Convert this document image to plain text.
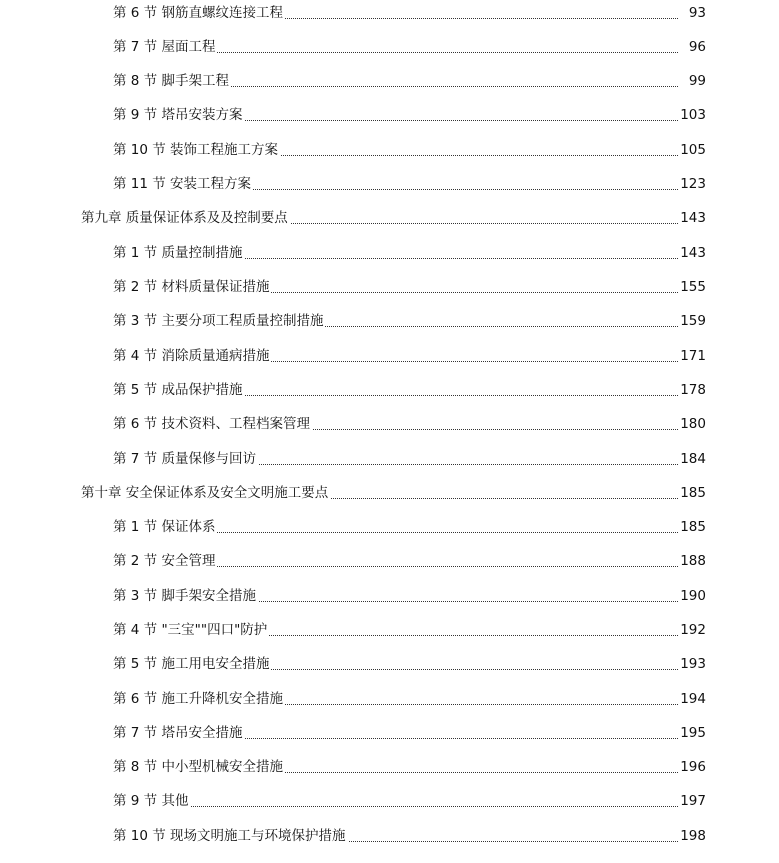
第 6 节 钢筋直螺纹连接工程	93
第 7 节 屋面工程	96
第 8 节 脚手架工程	99
第 9 节 塔吊安装方案	103
第 10 节 装饰工程施工方案	105
第 11 节 安装工程方案	123
第九章 质量保证体系及及控制要点	143
第 1 节 质量控制措施	143
第 2 节 材料质量保证措施	155
第 3 节 主要分项工程质量控制措施	159
第 4 节 消除质量通病措施	171
第 5 节 成品保护措施	178
第 6 节 技术资料、工程档案管理	180
第 7 节 质量保修与回访	184
第十章 安全保证体系及安全文明施工要点	185
第 1 节 保证体系	185
第 2 节 安全管理	188
第 3 节 脚手架安全措施	190
第 4 节 "三宝""四口"防护	192
第 5 节 施工用电安全措施	193
第 6 节 施工升降机安全措施	194
第 7 节 塔吊安全措施	195
第 8 节 中小型机械安全措施	196
第 9 节 其他	197
第 10 节 现场文明施工与环境保护措施	198
